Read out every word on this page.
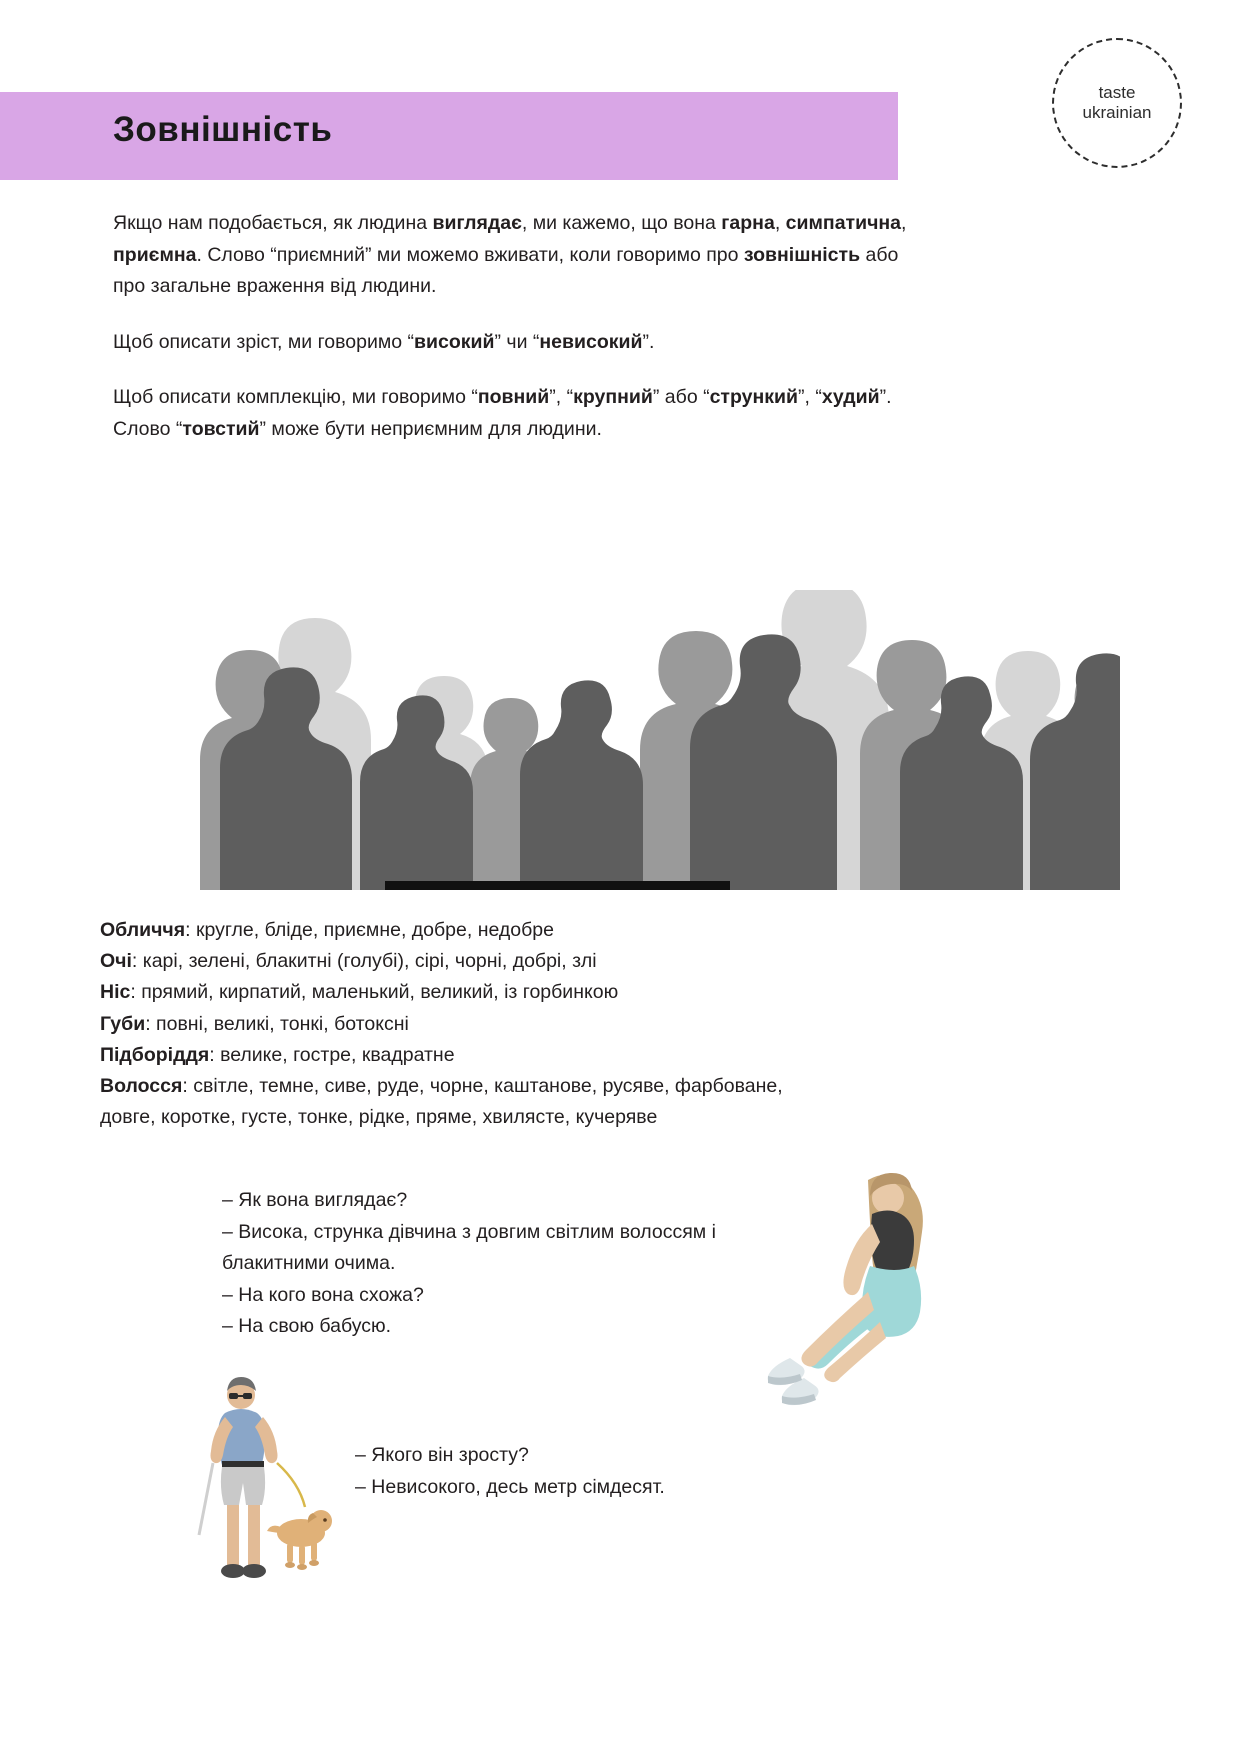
Зовнішність
taste
ukrainian

Якщо нам подобається, як людина виглядає, ми кажемо, що вона гарна, симпатична, приємна. Слово “приємний” ми можемо вживати, коли говоримо про зовнішність або про загальне враження від людини.

Щоб описати зріст, ми говоримо “високий” чи “невисокий”.

Щоб описати комплекцію, ми говоримо “повний”, “крупний” або “стрункий”, “худий”. Слово “товстий” може бути неприємним для людини.

Обличчя: кругле, бліде, приємне, добре, недобре

Очі: карі, зелені, блакитні (голубі), сірі, чорні, добрі, злі

Ніс: прямий, кирпатий, маленький, великий, із горбинкою

Губи: повні, великі, тонкі, ботоксні

Підборіддя: велике, гостре, квадратне

Волосся: світле, темне, сиве, руде, чорне, каштанове, русяве, фарбоване,

довге, коротке, густе, тонке, рідке, пряме, хвилясте, кучеряве

– Як вона виглядає?

– Висока, струнка дівчина з довгим світлим волоссям і

блакитними очима.

– На кого вона схожа?

– На свою бабусю.

– Якого він зросту?

– Невисокого, десь метр сімдесят.
